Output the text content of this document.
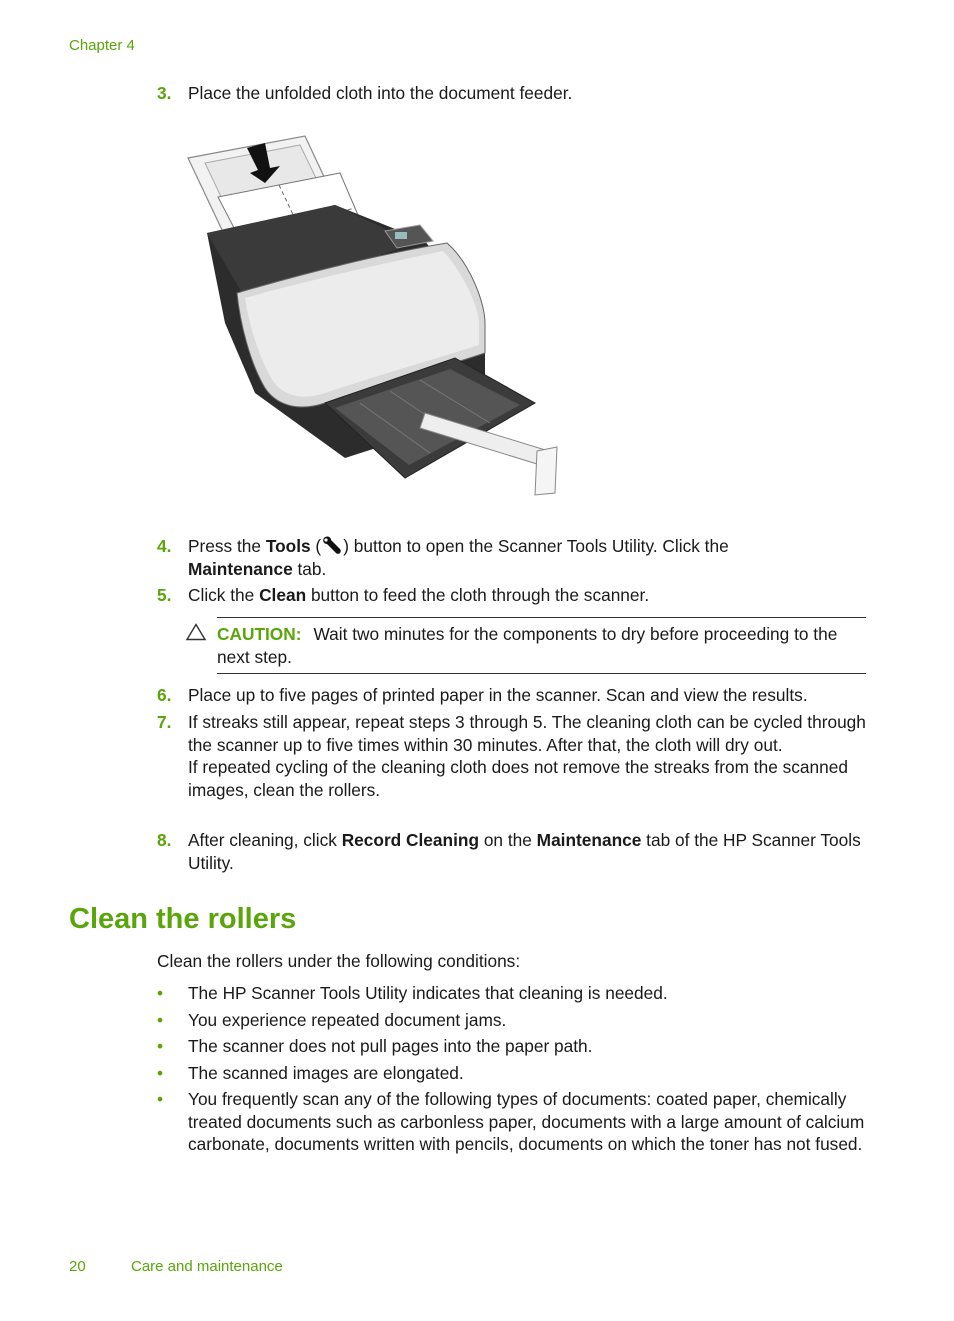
Chapter 4
3. Place the unfolded cloth into the document feeder.

4. Press the Tools ( ) button to open the Scanner Tools Utility. Click the
Maintenance tab.

5. Click the Clean button to feed the cloth through the scanner.

CAUTION: Wait two minutes for the components to dry before proceeding to the next step.
6. Place up to five pages of printed paper in the scanner. Scan and view the results.

7. If streaks still appear, repeat steps 3 through 5. The cleaning cloth can be cycled through the scanner up to five times within 30 minutes. After that, the cloth will dry out.

If repeated cycling of the cleaning cloth does not remove the streaks from the scanned images, clean the rollers.

8. After cleaning, click Record Cleaning on the Maintenance tab of the HP Scanner Tools Utility.

Clean the rollers
Clean the rollers under the following conditions:
• The HP Scanner Tools Utility indicates that cleaning is needed.
• You experience repeated document jams.
• The scanner does not pull pages into the paper path.
• The scanned images are elongated.
• You frequently scan any of the following types of documents: coated paper, chemically treated documents such as carbonless paper, documents with a large amount of calcium carbonate, documents written with pencils, documents on which the toner has not fused.
20	Care and maintenance
